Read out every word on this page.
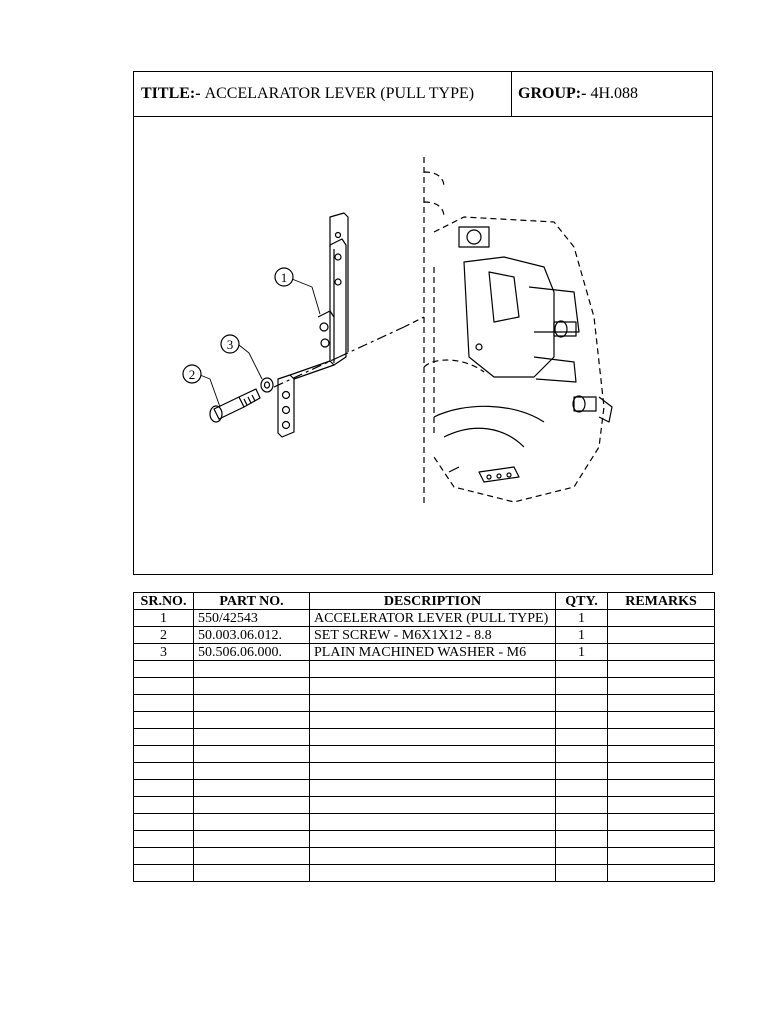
TITLE:- ACCELARATOR LEVER (PULL TYPE)	GROUP:- 4H.088
1
3
2
SR.NO.	PART NO.	DESCRIPTION	QTY.	REMARKS
1	550/42543	ACCELERATOR LEVER (PULL TYPE)	1	
2	50.003.06.012.	SET SCREW - M6X1X12 - 8.8	1	
3	50.506.06.000.	PLAIN MACHINED WASHER - M6	1	
